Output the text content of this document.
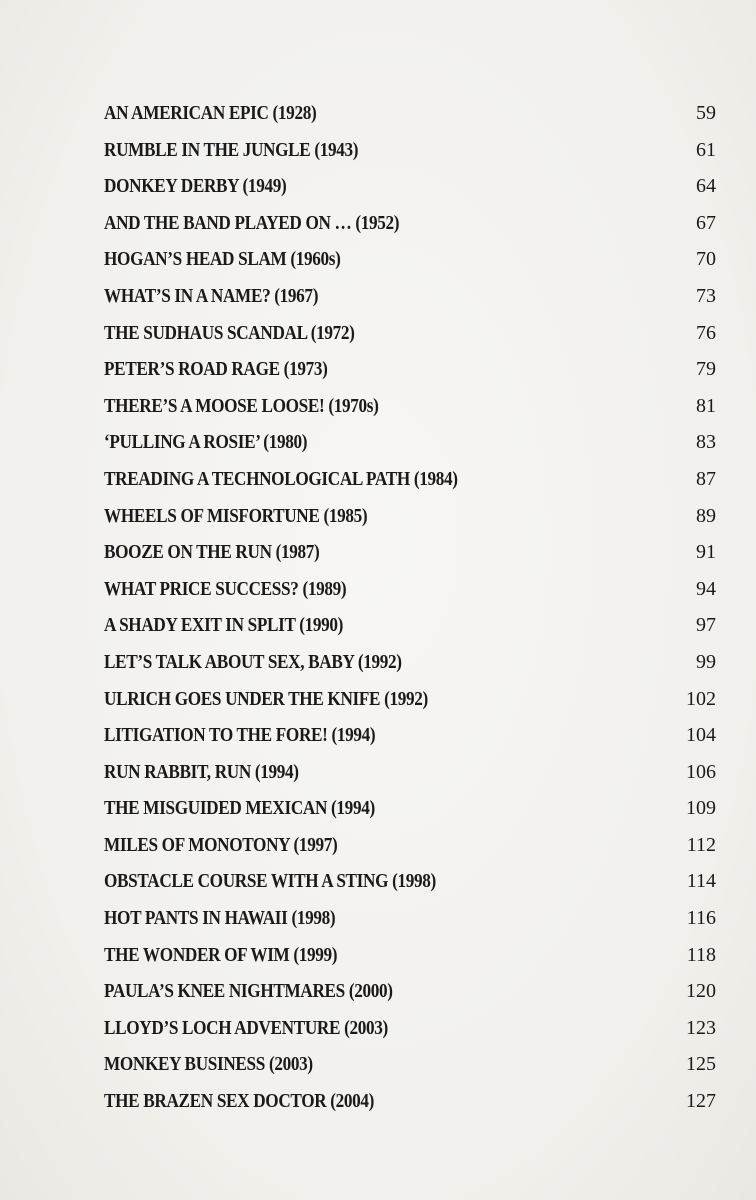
AN AMERICAN EPIC (1928)	59
RUMBLE IN THE JUNGLE (1943)	61
DONKEY DERBY (1949)	64
AND THE BAND PLAYED ON … (1952)	67
HOGAN’S HEAD SLAM (1960s)	70
WHAT’S IN A NAME? (1967)	73
THE SUDHAUS SCANDAL (1972)	76
PETER’S ROAD RAGE (1973)	79
THERE’S A MOOSE LOOSE! (1970s)	81
‘PULLING A ROSIE’ (1980)	83
TREADING A TECHNOLOGICAL PATH (1984)	87
WHEELS OF MISFORTUNE (1985)	89
BOOZE ON THE RUN (1987)	91
WHAT PRICE SUCCESS? (1989)	94
A SHADY EXIT IN SPLIT (1990)	97
LET’S TALK ABOUT SEX, BABY (1992)	99
ULRICH GOES UNDER THE KNIFE (1992)	102
LITIGATION TO THE FORE! (1994)	104
RUN RABBIT, RUN (1994)	106
THE MISGUIDED MEXICAN (1994)	109
MILES OF MONOTONY (1997)	112
OBSTACLE COURSE WITH A STING (1998)	114
HOT PANTS IN HAWAII (1998)	116
THE WONDER OF WIM (1999)	118
PAULA’S KNEE NIGHTMARES (2000)	120
LLOYD’S LOCH ADVENTURE (2003)	123
MONKEY BUSINESS (2003)	125
THE BRAZEN SEX DOCTOR (2004)	127
